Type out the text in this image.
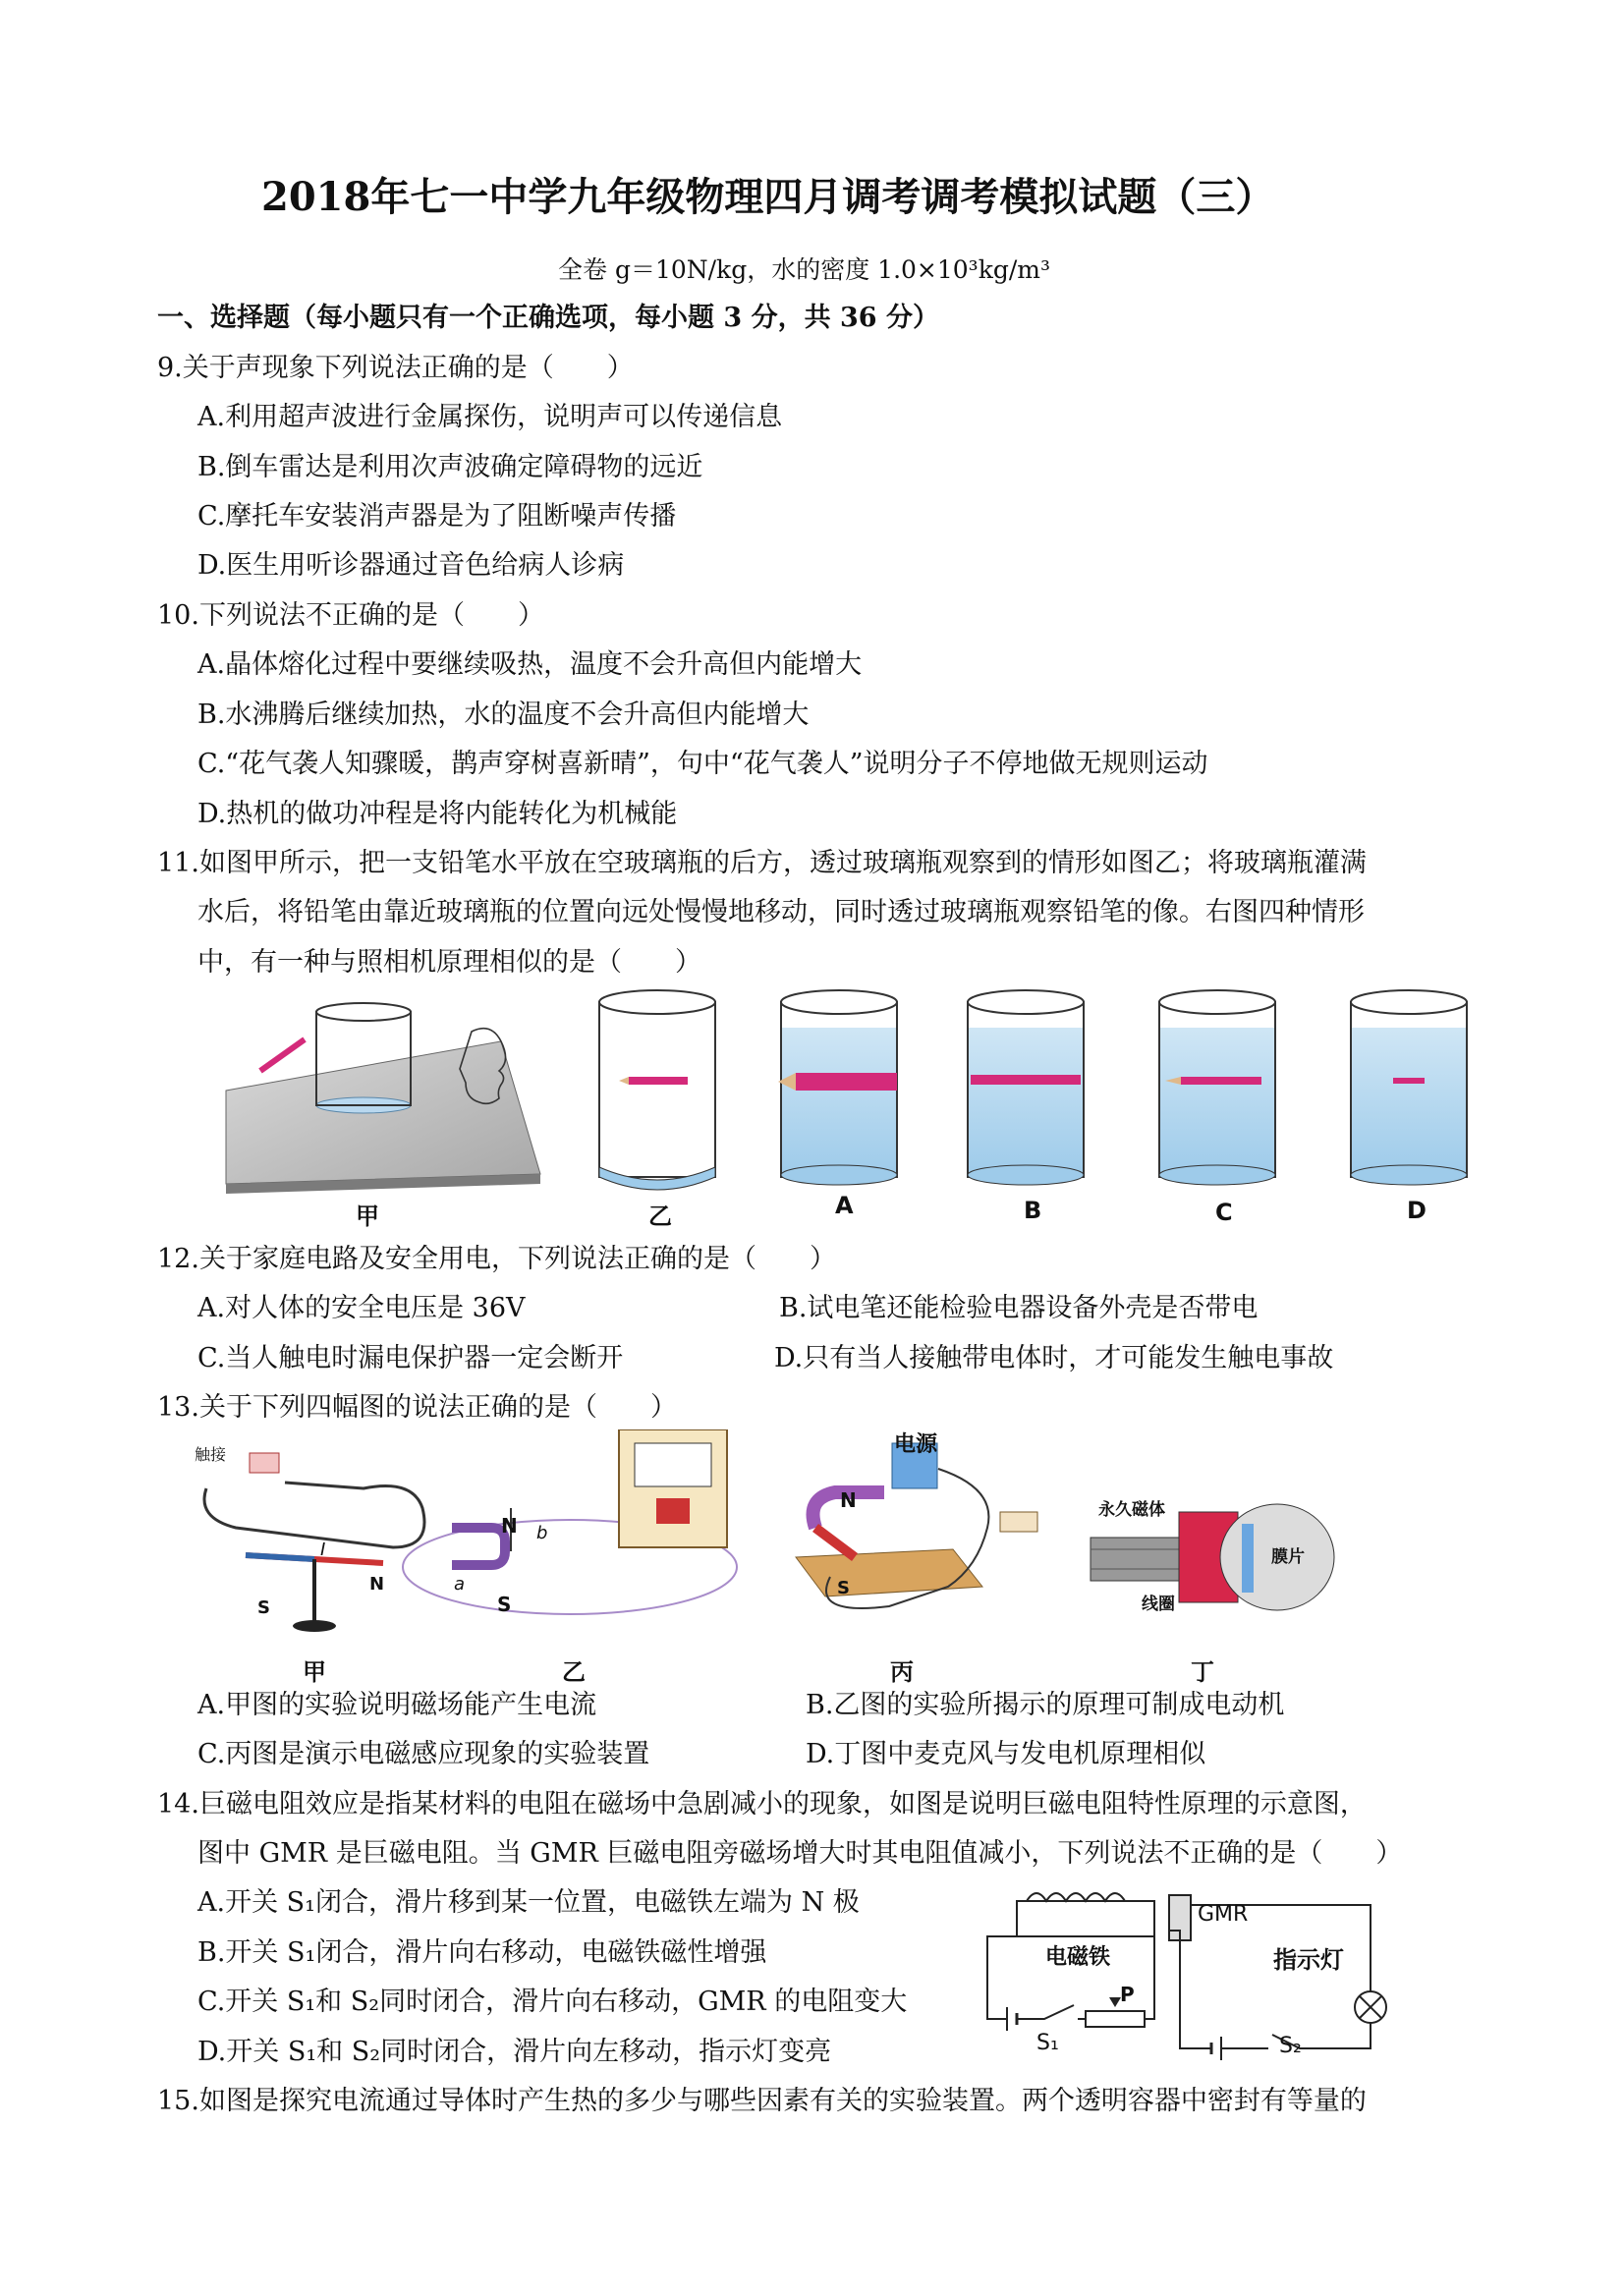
2018年七一中学九年级物理四月调考调考模拟试题（三）
全卷 g＝10N/kg，水的密度 1.0×10³kg/m³
一、选择题（每小题只有一个正确选项，每小题 3 分，共 36 分）
9.关于声现象下列说法正确的是（　　）
A.利用超声波进行金属探伤，说明声可以传递信息
B.倒车雷达是利用次声波确定障碍物的远近
C.摩托车安装消声器是为了阻断噪声传播
D.医生用听诊器通过音色给病人诊病
10.下列说法不正确的是（　　）
A.晶体熔化过程中要继续吸热，温度不会升高但内能增大
B.水沸腾后继续加热，水的温度不会升高但内能增大
C.“花气袭人知骤暖，鹊声穿树喜新晴”，句中“花气袭人”说明分子不停地做无规则运动
D.热机的做功冲程是将内能转化为机械能
11.如图甲所示，把一支铅笔水平放在空玻璃瓶的后方，透过玻璃瓶观察到的情形如图乙；将玻璃瓶灌满
水后，将铅笔由靠近玻璃瓶的位置向远处慢慢地移动，同时透过玻璃瓶观察铅笔的像。右图四种情形
中，有一种与照相机原理相似的是（　　）
甲	乙	A	B	C	D
12.关于家庭电路及安全用电，下列说法正确的是（　　）
A.对人体的安全电压是 36V	B.试电笔还能检验电器设备外壳是否带电
C.当人触电时漏电保护器一定会断开	D.只有当人接触带电体时，才可能发生触电事故
13.关于下列四幅图的说法正确的是（　　）
触接
I
S
N
N b
a
S
电源
N
S
永久磁体
膜片
线圈
甲	乙	丙	丁
A.甲图的实验说明磁场能产生电流	B.乙图的实验所揭示的原理可制成电动机
C.丙图是演示电磁感应现象的实验装置	D.丁图中麦克风与发电机原理相似
14.巨磁电阻效应是指某材料的电阻在磁场中急剧减小的现象，如图是说明巨磁电阻特性原理的示意图，
图中 GMR 是巨磁电阻。当 GMR 巨磁电阻旁磁场增大时其电阻值减小，下列说法不正确的是（　　）
A.开关 S₁闭合，滑片移到某一位置，电磁铁左端为 N 极
B.开关 S₁闭合，滑片向右移动，电磁铁磁性增强
C.开关 S₁和 S₂同时闭合，滑片向右移动，GMR 的电阻变大
D.开关 S₁和 S₂同时闭合，滑片向左移动，指示灯变亮
GMR
电磁铁	指示灯
P
S₁	S₂
15.如图是探究电流通过导体时产生热的多少与哪些因素有关的实验装置。两个透明容器中密封有等量的
